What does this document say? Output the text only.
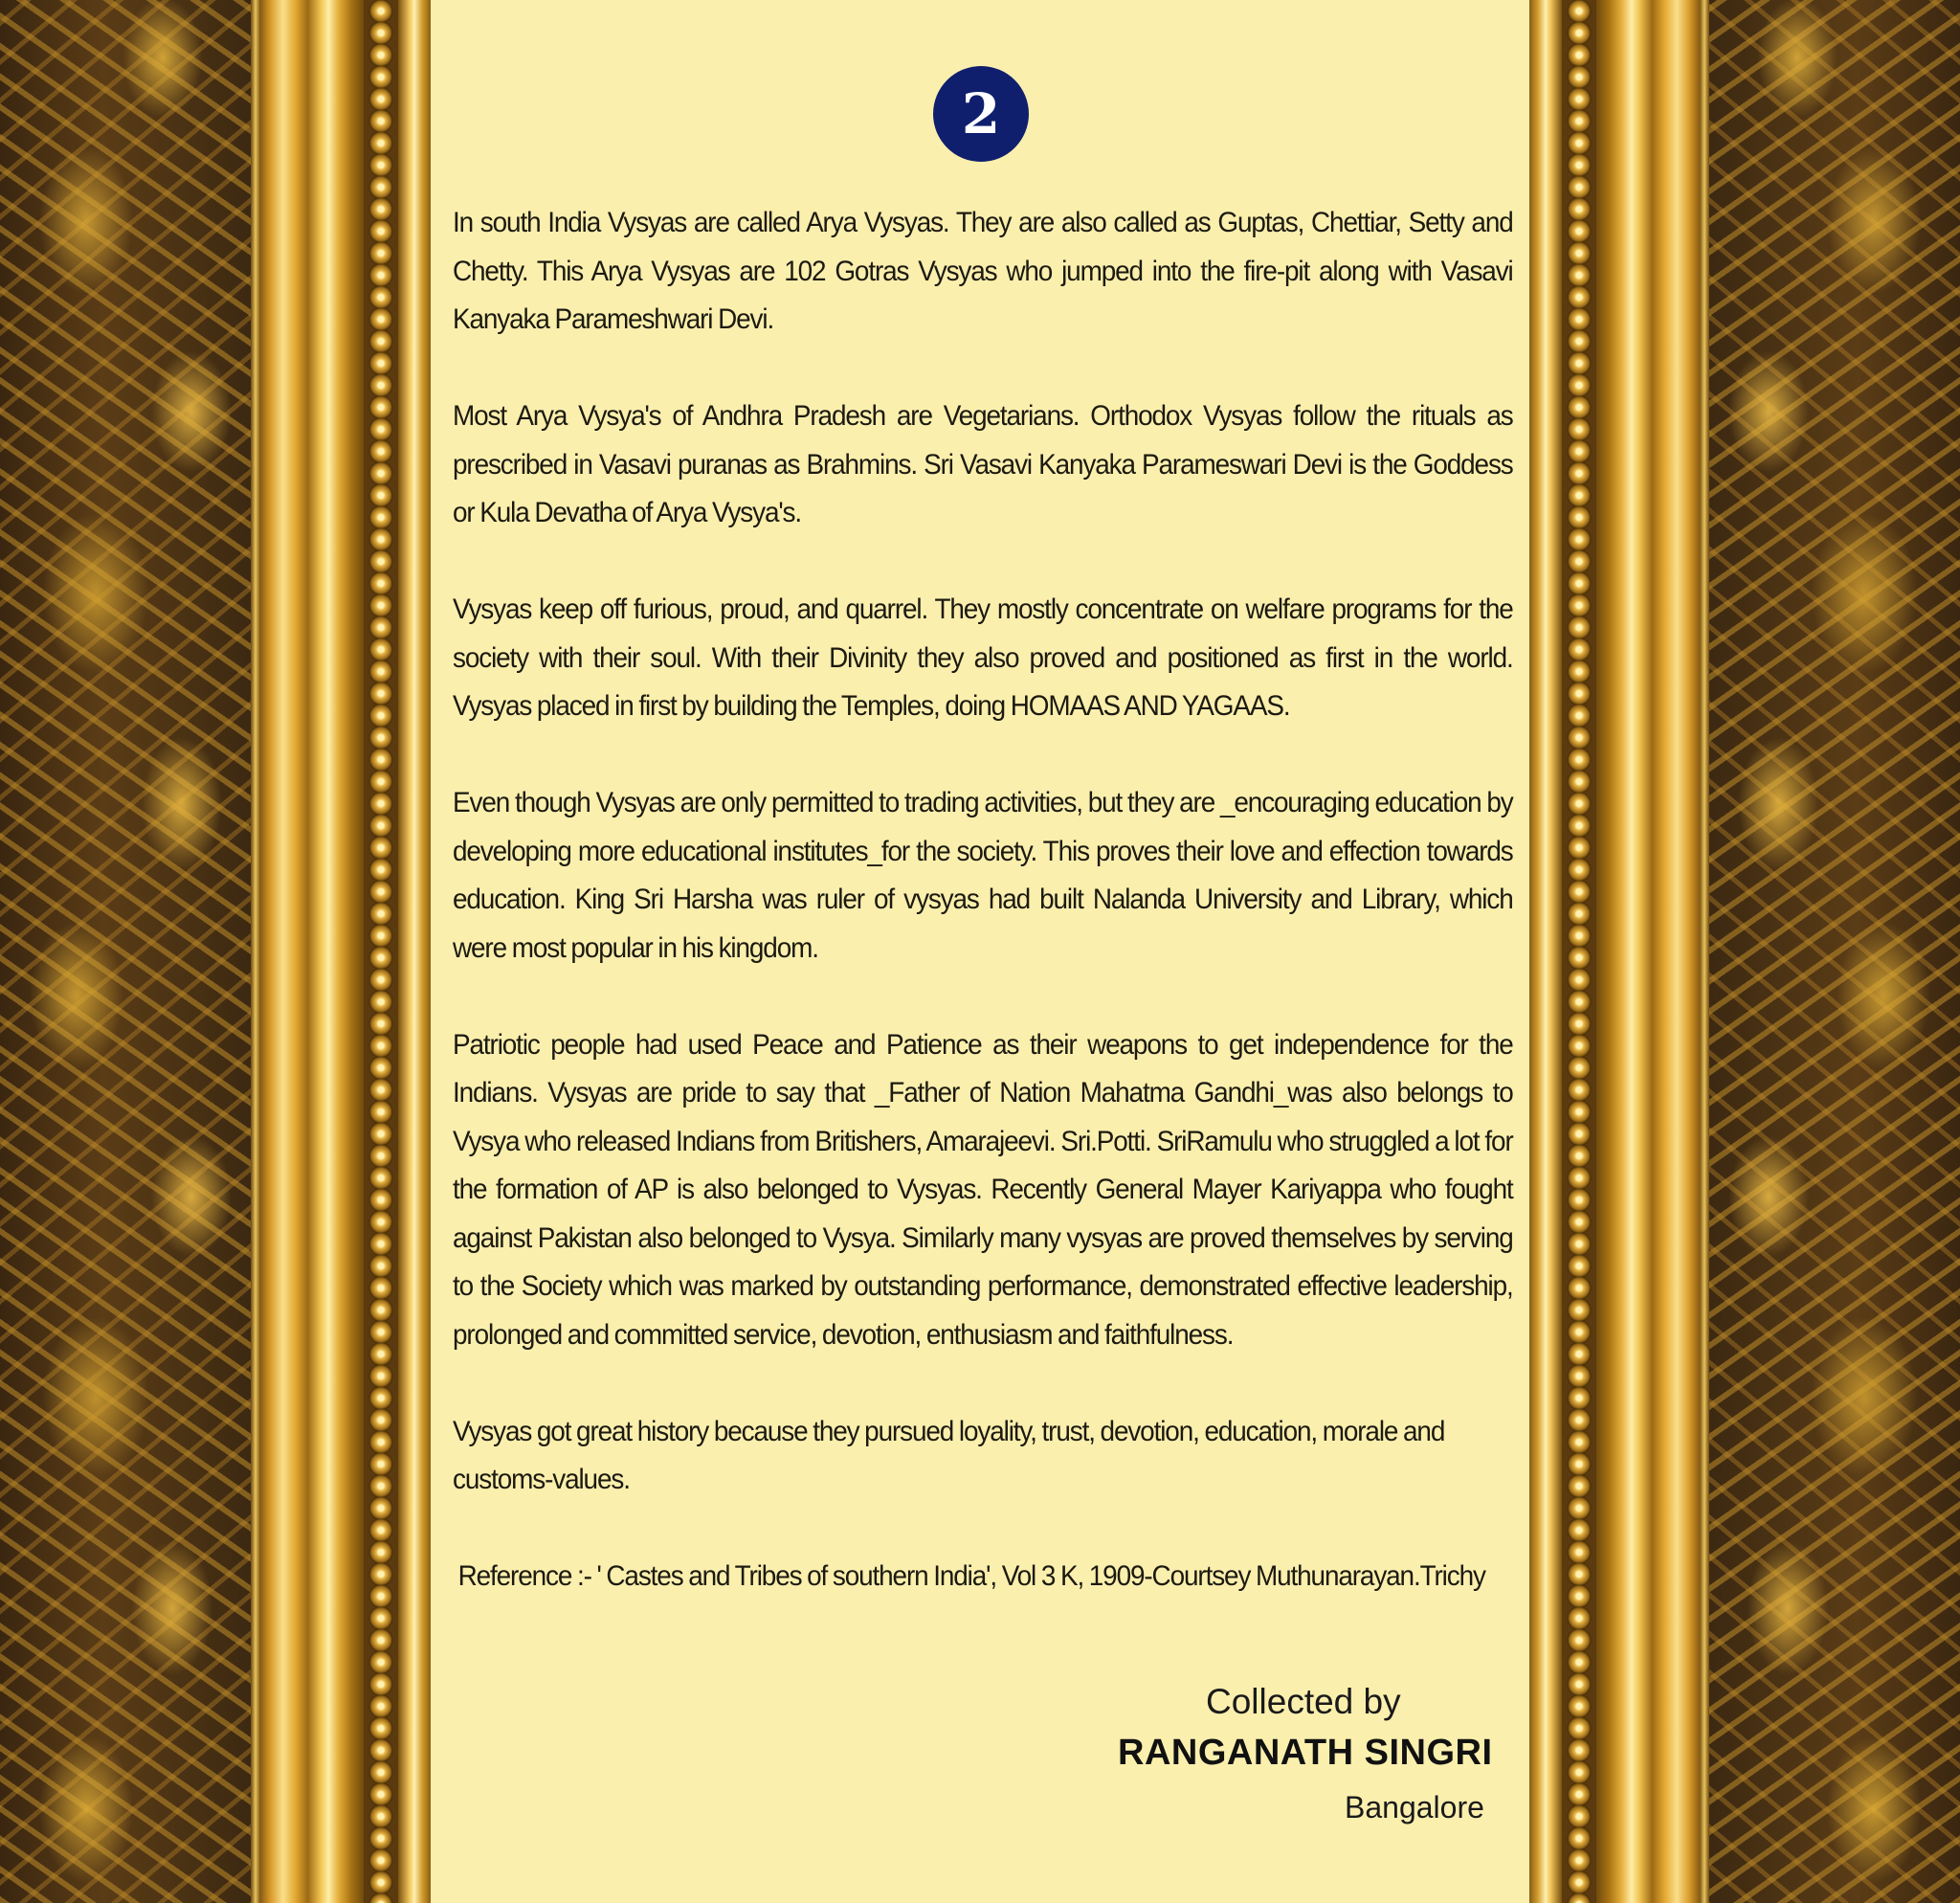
2

In south India Vysyas are called Arya Vysyas. They are also called as Guptas, Chettiar, Setty and Chetty. This Arya Vysyas are 102 Gotras Vysyas who jumped into the fire-pit along with Vasavi Kanyaka Parameshwari Devi.

Most Arya Vysya's of Andhra Pradesh are Vegetarians. Orthodox Vysyas follow the rituals as prescribed in Vasavi puranas as Brahmins. Sri Vasavi Kanyaka Parameswari Devi is the Goddess or Kula Devatha of Arya Vysya's.

Vysyas keep off furious, proud, and quarrel. They mostly concentrate on welfare programs for the society with their soul. With their Divinity they also proved and positioned as first in the world. Vysyas placed in first by building the Temples, doing HOMAAS AND YAGAAS.

Even though Vysyas are only permitted to trading activities, but they are _encouraging education by developing more educational institutes_for the society. This proves their love and effection towards education. King Sri Harsha was ruler of vysyas had built Nalanda University and Library, which were most popular in his kingdom.

Patriotic people had used Peace and Patience as their weapons to get independence for the Indians. Vysyas are pride to say that _Father of Nation Mahatma Gandhi_was also belongs to Vysya who released Indians from Britishers, Amarajeevi. Sri.Potti. SriRamulu who struggled a lot for the formation of AP is also belonged to Vysyas. Recently General Mayer Kariyappa who fought against Pakistan also belonged to Vysya. Similarly many vysyas are proved themselves by serving to the Society which was marked by outstanding performance, demonstrated effective leadership, prolonged and committed service, devotion, enthusiasm and faithfulness.

Vysyas got great history because they pursued loyality, trust, devotion, education, morale and customs-values.

Reference :- ' Castes and Tribes of southern India', Vol 3 K, 1909-Courtsey Muthunarayan.Trichy

Collected by
RANGANATH SINGRI
Bangalore
